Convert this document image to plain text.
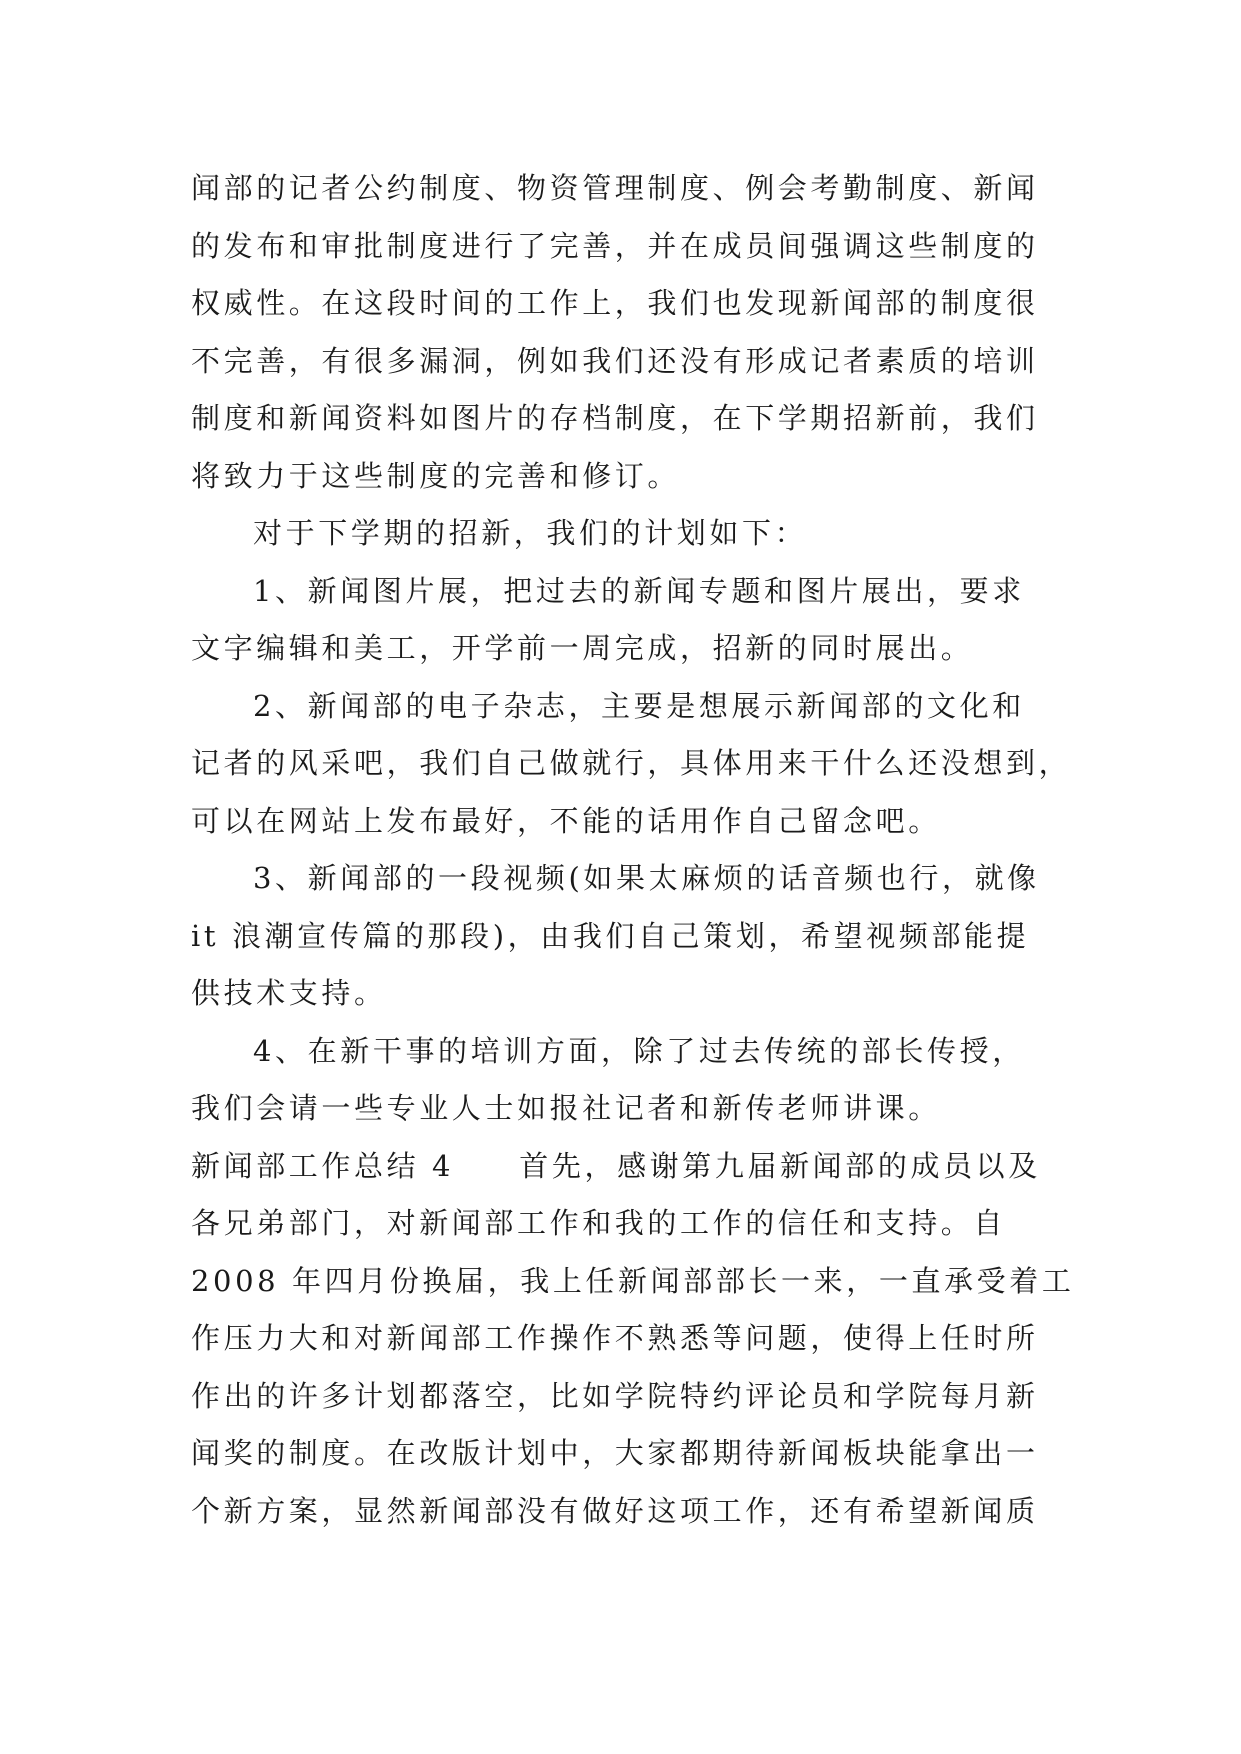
闻部的记者公约制度、物资管理制度、例会考勤制度、新闻
的发布和审批制度进行了完善，并在成员间强调这些制度的
权威性。在这段时间的工作上，我们也发现新闻部的制度很
不完善，有很多漏洞，例如我们还没有形成记者素质的培训
制度和新闻资料如图片的存档制度，在下学期招新前，我们
将致力于这些制度的完善和修订。
对于下学期的招新，我们的计划如下：
1、新闻图片展，把过去的新闻专题和图片展出，要求
文字编辑和美工，开学前一周完成，招新的同时展出。
2、新闻部的电子杂志，主要是想展示新闻部的文化和
记者的风采吧，我们自己做就行，具体用来干什么还没想到，
可以在网站上发布最好，不能的话用作自己留念吧。
3、新闻部的一段视频(如果太麻烦的话音频也行，就像
it 浪潮宣传篇的那段)，由我们自己策划，希望视频部能提
供技术支持。
4、在新干事的培训方面，除了过去传统的部长传授，
我们会请一些专业人士如报社记者和新传老师讲课。
新闻部工作总结 4　　首先，感谢第九届新闻部的成员以及
各兄弟部门，对新闻部工作和我的工作的信任和支持。自
2008 年四月份换届，我上任新闻部部长一来，一直承受着工
作压力大和对新闻部工作操作不熟悉等问题，使得上任时所
作出的许多计划都落空，比如学院特约评论员和学院每月新
闻奖的制度。在改版计划中，大家都期待新闻板块能拿出一
个新方案，显然新闻部没有做好这项工作，还有希望新闻质
